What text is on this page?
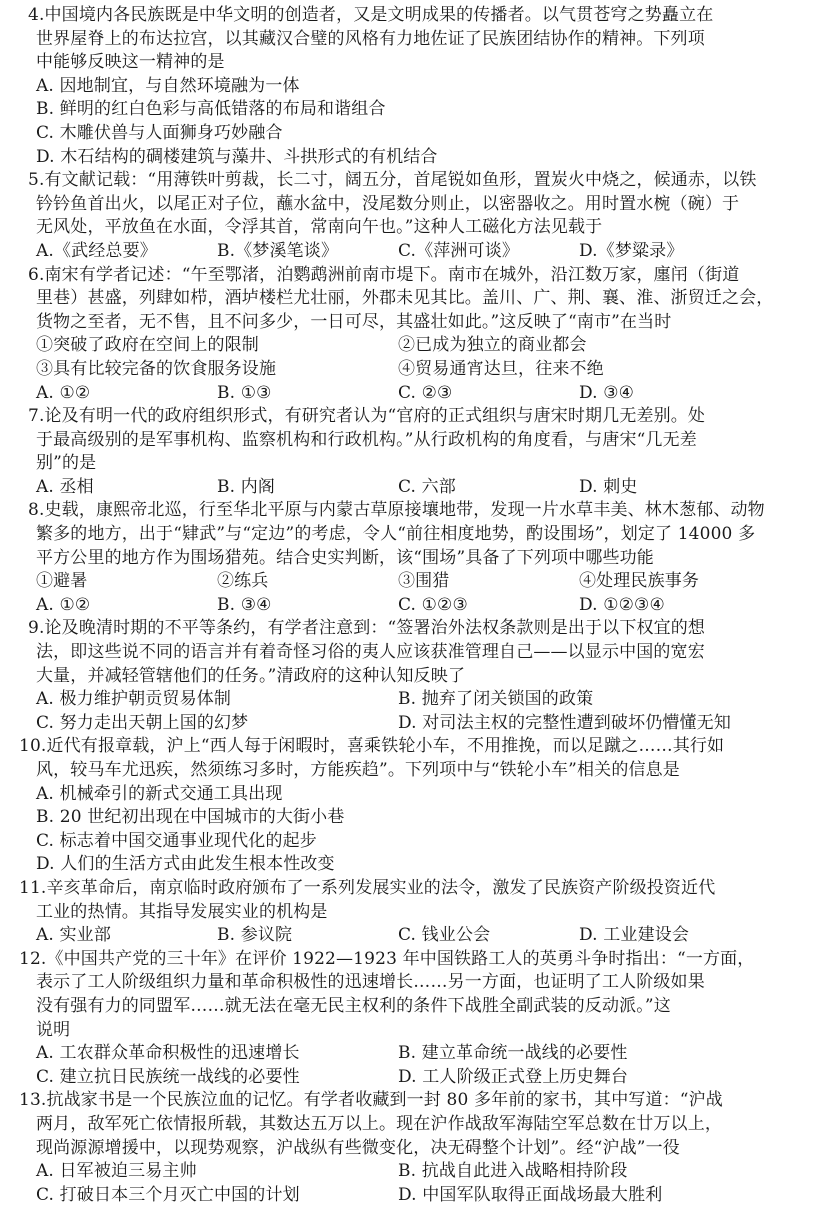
4.中国境内各民族既是中华文明的创造者，又是文明成果的传播者。以气贯苍穹之势矗立在
世界屋脊上的布达拉宫，以其藏汉合璧的风格有力地佐证了民族团结协作的精神。下列项
中能够反映这一精神的是
A. 因地制宜，与自然环境融为一体
B. 鲜明的红白色彩与高低错落的布局和谐组合
C. 木雕伏兽与人面狮身巧妙融合
D. 木石结构的碉楼建筑与藻井、斗拱形式的有机结合
5.有文献记载：“用薄铁叶剪裁，长二寸，阔五分，首尾锐如鱼形，置炭火中烧之，候通赤，以铁
钤钤鱼首出火，以尾正对子位，蘸水盆中，没尾数分则止，以密器收之。用时置水椀（碗）于
无风处，平放鱼在水面，令浮其首，常南向午也。”这种人工磁化方法见载于
A.《武经总要》	B.《梦溪笔谈》	C.《萍洲可谈》	D.《梦粱录》
6.南宋有学者记述：“午至鄂渚，泊鹦鹉洲前南市堤下。南市在城外，沿江数万家，廛闬（街道
里巷）甚盛，列肆如栉，酒垆楼栏尤壮丽，外郡未见其比。盖川、广、荆、襄、淮、浙贸迁之会，
货物之至者，无不售，且不问多少，一日可尽，其盛壮如此。”这反映了“南市”在当时
①突破了政府在空间上的限制	②已成为独立的商业都会
③具有比较完备的饮食服务设施	④贸易通宵达旦，往来不绝
A. ①②	B. ①③	C. ②③	D. ③④
7.论及有明一代的政府组织形式，有研究者认为“官府的正式组织与唐宋时期几无差别。处
于最高级别的是军事机构、监察机构和行政机构。”从行政机构的角度看，与唐宋“几无差
别”的是
A. 丞相	B. 内阁	C. 六部	D. 刺史
8.史载，康熙帝北巡，行至华北平原与内蒙古草原接壤地带，发现一片水草丰美、林木葱郁、动物
繁多的地方，出于“肄武”与“定边”的考虑，令人“前往相度地势，酌设围场”，划定了 14000 多
平方公里的地方作为围场猎苑。结合史实判断，该“围场”具备了下列项中哪些功能
①避暑	②练兵	③围猎	④处理民族事务
A. ①②	B. ③④	C. ①②③	D. ①②③④
9.论及晚清时期的不平等条约，有学者注意到：“签署治外法权条款则是出于以下权宜的想
法，即这些说不同的语言并有着奇怪习俗的夷人应该获准管理自己——以显示中国的宽宏
大量，并减轻管辖他们的任务。”清政府的这种认知反映了
A. 极力维护朝贡贸易体制	B. 抛弃了闭关锁国的政策
C. 努力走出天朝上国的幻梦	D. 对司法主权的完整性遭到破坏仍懵懂无知
10.近代有报章载，沪上“西人每于闲暇时，喜乘铁轮小车，不用推挽，而以足蹴之……其行如
风，较马车尤迅疾，然须练习多时，方能疾趋”。下列项中与“铁轮小车”相关的信息是
A. 机械牵引的新式交通工具出现
B. 20 世纪初出现在中国城市的大街小巷
C. 标志着中国交通事业现代化的起步
D. 人们的生活方式由此发生根本性改变
11.辛亥革命后，南京临时政府颁布了一系列发展实业的法令，激发了民族资产阶级投资近代
工业的热情。其指导发展实业的机构是
A. 实业部	B. 参议院	C. 钱业公会	D. 工业建设会
12.《中国共产党的三十年》在评价 1922—1923 年中国铁路工人的英勇斗争时指出：“一方面，
表示了工人阶级组织力量和革命积极性的迅速增长……另一方面，也证明了工人阶级如果
没有强有力的同盟军……就无法在毫无民主权利的条件下战胜全副武装的反动派。”这
说明
A. 工农群众革命积极性的迅速增长	B. 建立革命统一战线的必要性
C. 建立抗日民族统一战线的必要性	D. 工人阶级正式登上历史舞台
13.抗战家书是一个民族泣血的记忆。有学者收藏到一封 80 多年前的家书，其中写道：“沪战
两月，敌军死亡依情报所载，其数达五万以上。现在沪作战敌军海陆空军总数在廿万以上，
现尚源源增援中，以现势观察，沪战纵有些微变化，决无碍整个计划”。经“沪战”一役
A. 日军被迫三易主帅	B. 抗战自此进入战略相持阶段
C. 打破日本三个月灭亡中国的计划	D. 中国军队取得正面战场最大胜利
